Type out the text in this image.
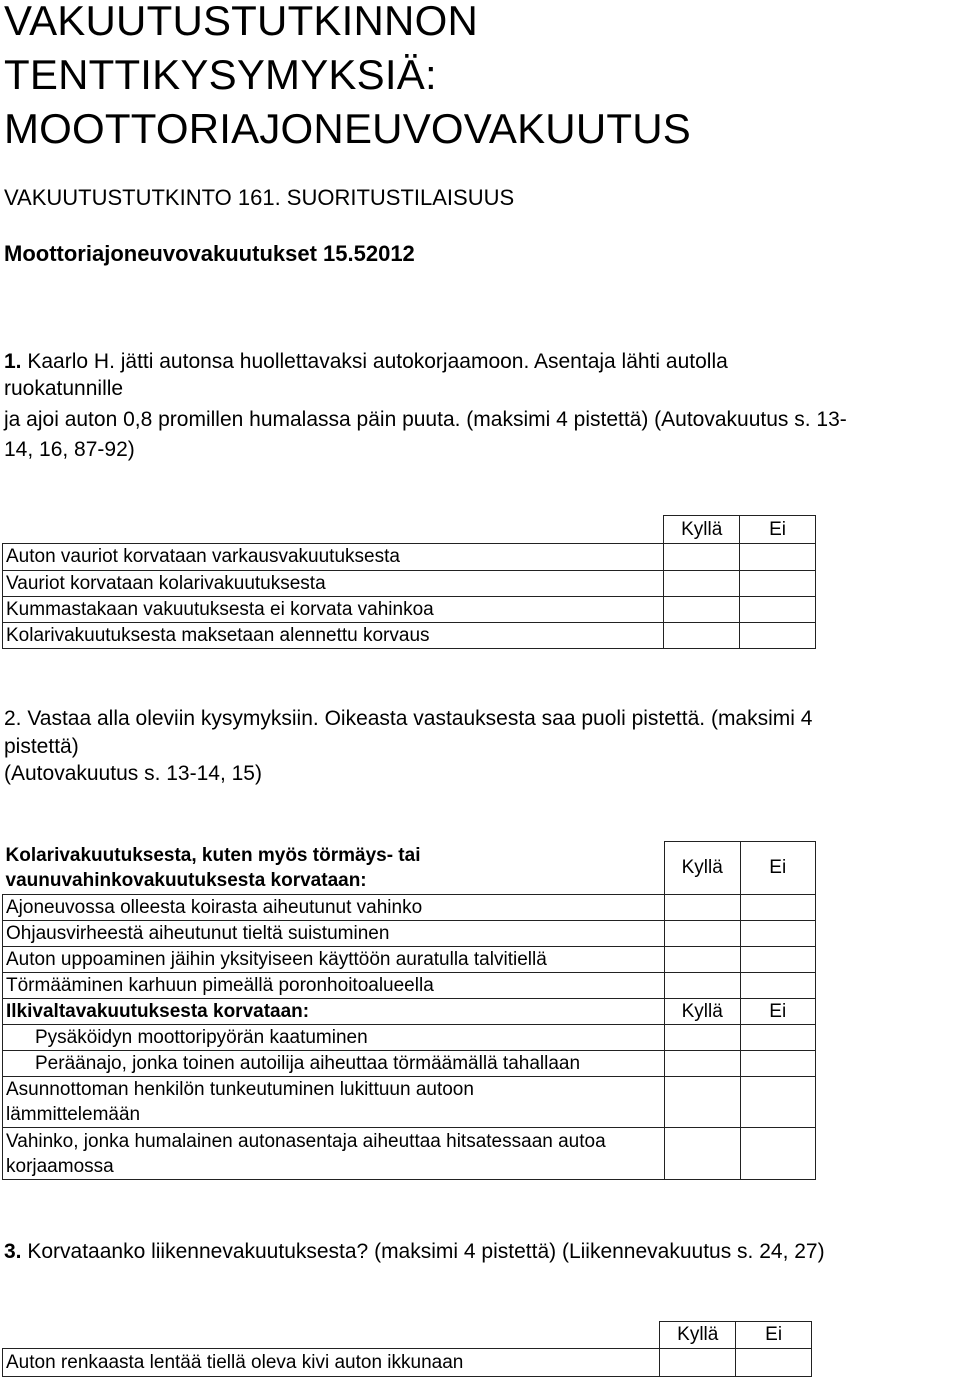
VAKUUTUSTUTKINNON
TENTTIKYSYMYKSIÄ:
MOOTTORIAJONEUVOVAKUUTUS
VAKUUTUSTUTKINTO 161. SUORITUSTILAISUUS
Moottoriajoneuvovakuutukset 15.52012
1. Kaarlo H. jätti autonsa huollettavaksi autokorjaamoon. Asentaja lähti autolla
ruokatunnille
ja ajoi auton 0,8 promillen humalassa päin puuta. (maksimi 4 pistettä) (Autovakuutus s. 13-
14, 16, 87-92)
	Kyllä	Ei
Auton vauriot korvataan varkausvakuutuksesta		
Vauriot korvataan kolarivakuutuksesta		
Kummastakaan vakuutuksesta ei korvata vahinkoa		
Kolarivakuutuksesta maksetaan alennettu korvaus		
2. Vastaa alla oleviin kysymyksiin. Oikeasta vastauksesta saa puoli pistettä. (maksimi 4
pistettä)
(Autovakuutus s. 13-14, 15)
Kolarivakuutuksesta, kuten myös törmäys- tai vaunuvahinkovakuutuksesta korvataan:	Kyllä	Ei
Ajoneuvossa olleesta koirasta aiheutunut vahinko		
Ohjausvirheestä aiheutunut tieltä suistuminen		
Auton uppoaminen jäihin yksityiseen käyttöön auratulla talvitiellä		
Törmääminen karhuun pimeällä poronhoitoalueella		
Ilkivaltavakuutuksesta korvataan:	Kyllä	Ei
Pysäköidyn moottoripyörän kaatuminen		
Peräänajo, jonka toinen autoilija aiheuttaa törmäämällä tahallaan		

Asunnottoman henkilön tunkeutuminen lukittuun autoon lämmittelemään		

Vahinko, jonka humalainen autonasentaja aiheuttaa hitsatessaan autoa korjaamossa		

3. Korvataanko liikennevakuutuksesta? (maksimi 4 pistettä) (Liikennevakuutus s. 24, 27)
	Kyllä	Ei
Auton renkaasta lentää tiellä oleva kivi auton ikkunaan		
